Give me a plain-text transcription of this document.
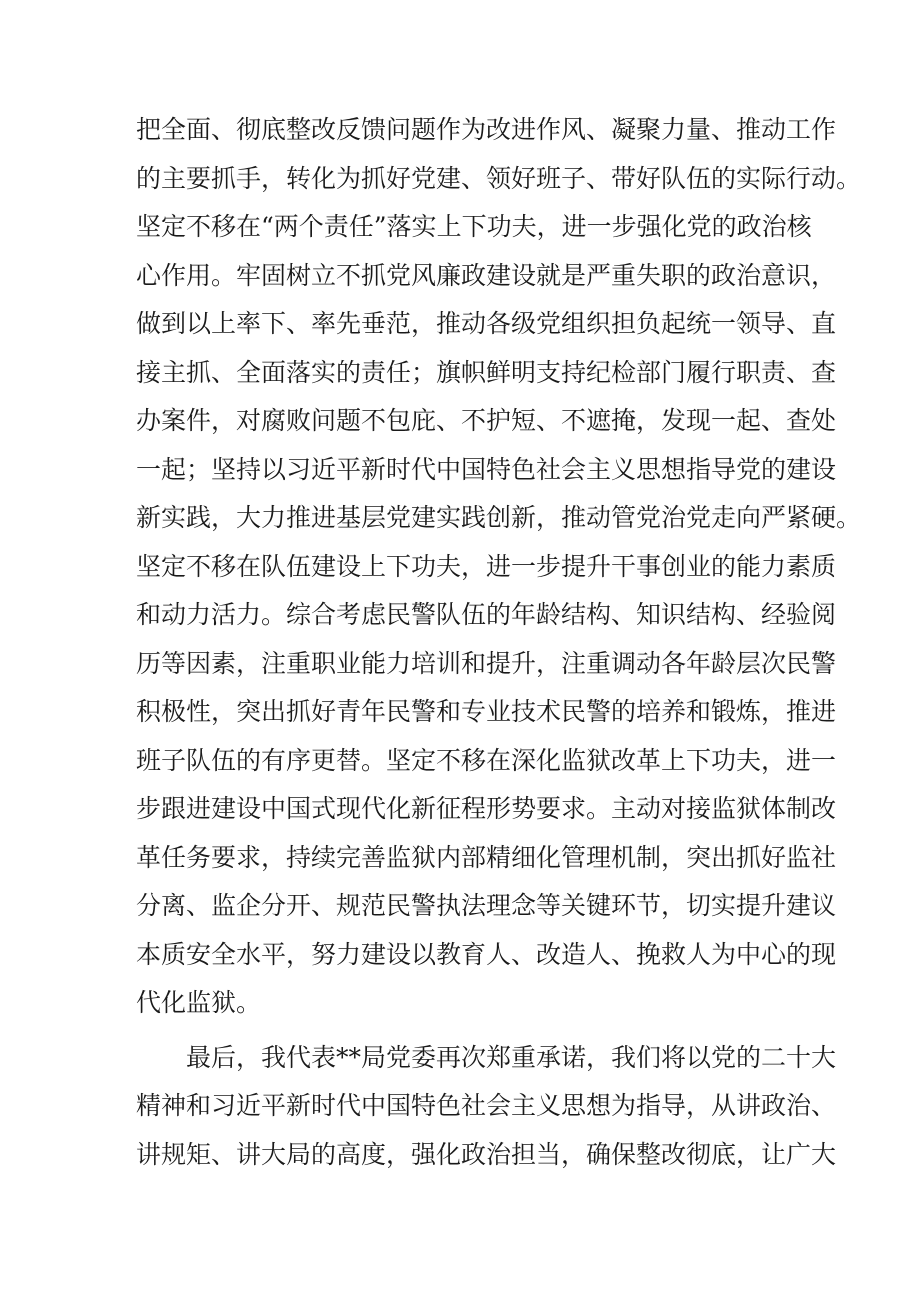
把全面、彻底整改反馈问题作为改进作风、凝聚力量、推动工作
的主要抓手，转化为抓好党建、领好班子、带好队伍的实际行动。
坚定不移在“两个责任”落实上下功夫，进一步强化党的政治核
心作用。牢固树立不抓党风廉政建设就是严重失职的政治意识，
做到以上率下、率先垂范，推动各级党组织担负起统一领导、直
接主抓、全面落实的责任；旗帜鲜明支持纪检部门履行职责、查
办案件，对腐败问题不包庇、不护短、不遮掩，发现一起、查处
一起；坚持以习近平新时代中国特色社会主义思想指导党的建设
新实践，大力推进基层党建实践创新，推动管党治党走向严紧硬。
坚定不移在队伍建设上下功夫，进一步提升干事创业的能力素质
和动力活力。综合考虑民警队伍的年龄结构、知识结构、经验阅
历等因素，注重职业能力培训和提升，注重调动各年龄层次民警
积极性，突出抓好青年民警和专业技术民警的培养和锻炼，推进
班子队伍的有序更替。坚定不移在深化监狱改革上下功夫，进一
步跟进建设中国式现代化新征程形势要求。主动对接监狱体制改
革任务要求，持续完善监狱内部精细化管理机制，突出抓好监社
分离、监企分开、规范民警执法理念等关键环节，切实提升建议
本质安全水平，努力建设以教育人、改造人、挽救人为中心的现
代化监狱。
最后，我代表**局党委再次郑重承诺，我们将以党的二十大
精神和习近平新时代中国特色社会主义思想为指导，从讲政治、
讲规矩、讲大局的高度，强化政治担当，确保整改彻底，让广大
